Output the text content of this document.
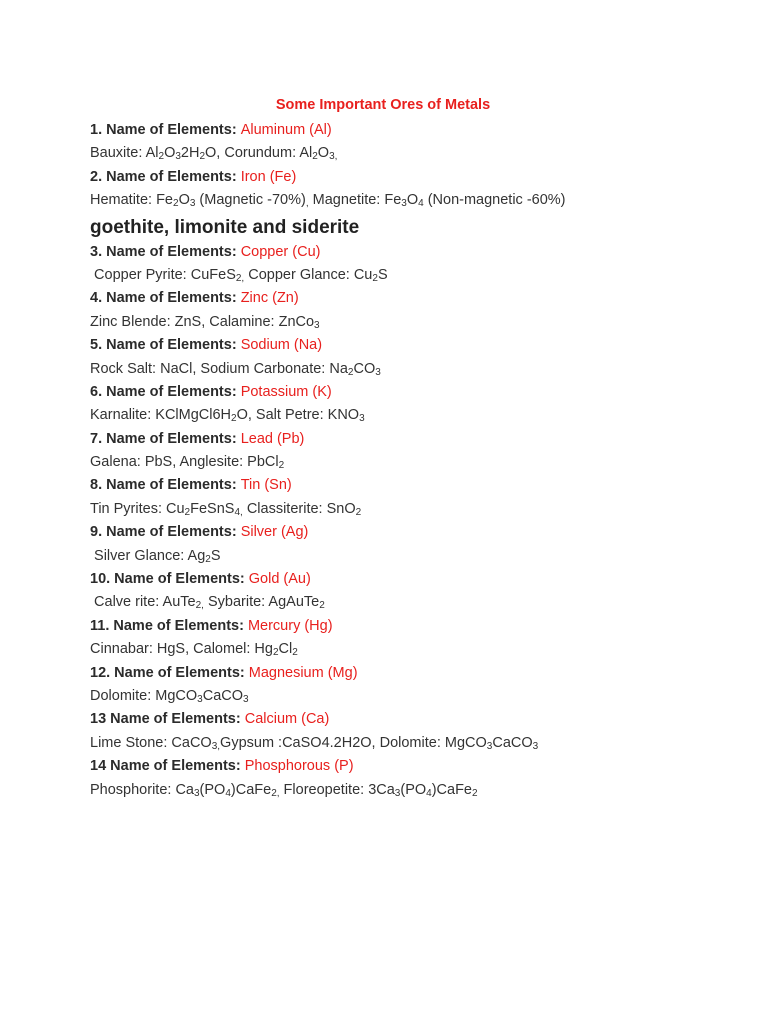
Some Important Ores of Metals
1. Name of Elements: Aluminum (Al)
Bauxite: $Al_2O_32H_2O$, Corundum: $Al_2O_{3,}$
2. Name of Elements: Iron (Fe)
Hematite: $Fe_2O_3$ (Magnetic $-70\%)_,$ Magnetite: $Fe_3O_4$ (Non-magnetic -60%)
goethite, limonite and siderite
3. Name of Elements: Copper (Cu)
Copper Pyrite: CuFeS$_{2,}$ Copper Glance: $Cu_2S$
4. Name of Elements: Zinc (Zn)
Zinc Blende: ZnS, Calamine: ZnCo$_3$
5. Name of Elements: Sodium (Na)
Rock Salt: NaCl, Sodium Carbonate: $Na_2CO_3$
6. Name of Elements: Potassium (K)
Karnalite: $KClMgCl6H_2O$, Salt Petre: $KNO_3$
7. Name of Elements: Lead (Pb)
Galena: PbS, Anglesite: PbCl$_2$
8. Name of Elements: Tin (Sn)
Tin Pyrites: $Cu_2FeSnS_{4,}$ Classiterite: SnO$_2$
9. Name of Elements: Silver (Ag)
Silver Glance: $Ag_2S$
10. Name of Elements: Gold (Au)
Calve rite: AuTe$_{2,}$ Sybarite: AgAuTe$_2$
11. Name of Elements: Mercury (Hg)
Cinnabar: HgS, Calomel: $Hg_2Cl_2$
12. Name of Elements: Magnesium (Mg)
Dolomite: MgCO$_3$CaCO$_3$
13 Name of Elements: Calcium (Ca)
Lime Stone: CaCO$_{3,}$Gypsum :CaSO4.2H2O, Dolomite: MgCO$_3$CaCO$_3$
14 Name of Elements: Phosphorous (P)
Phosphorite: $Ca_3(PO_4)CaFe_{2,}$ Floreopetite: $3Ca_3(PO_4)CaFe_2$
